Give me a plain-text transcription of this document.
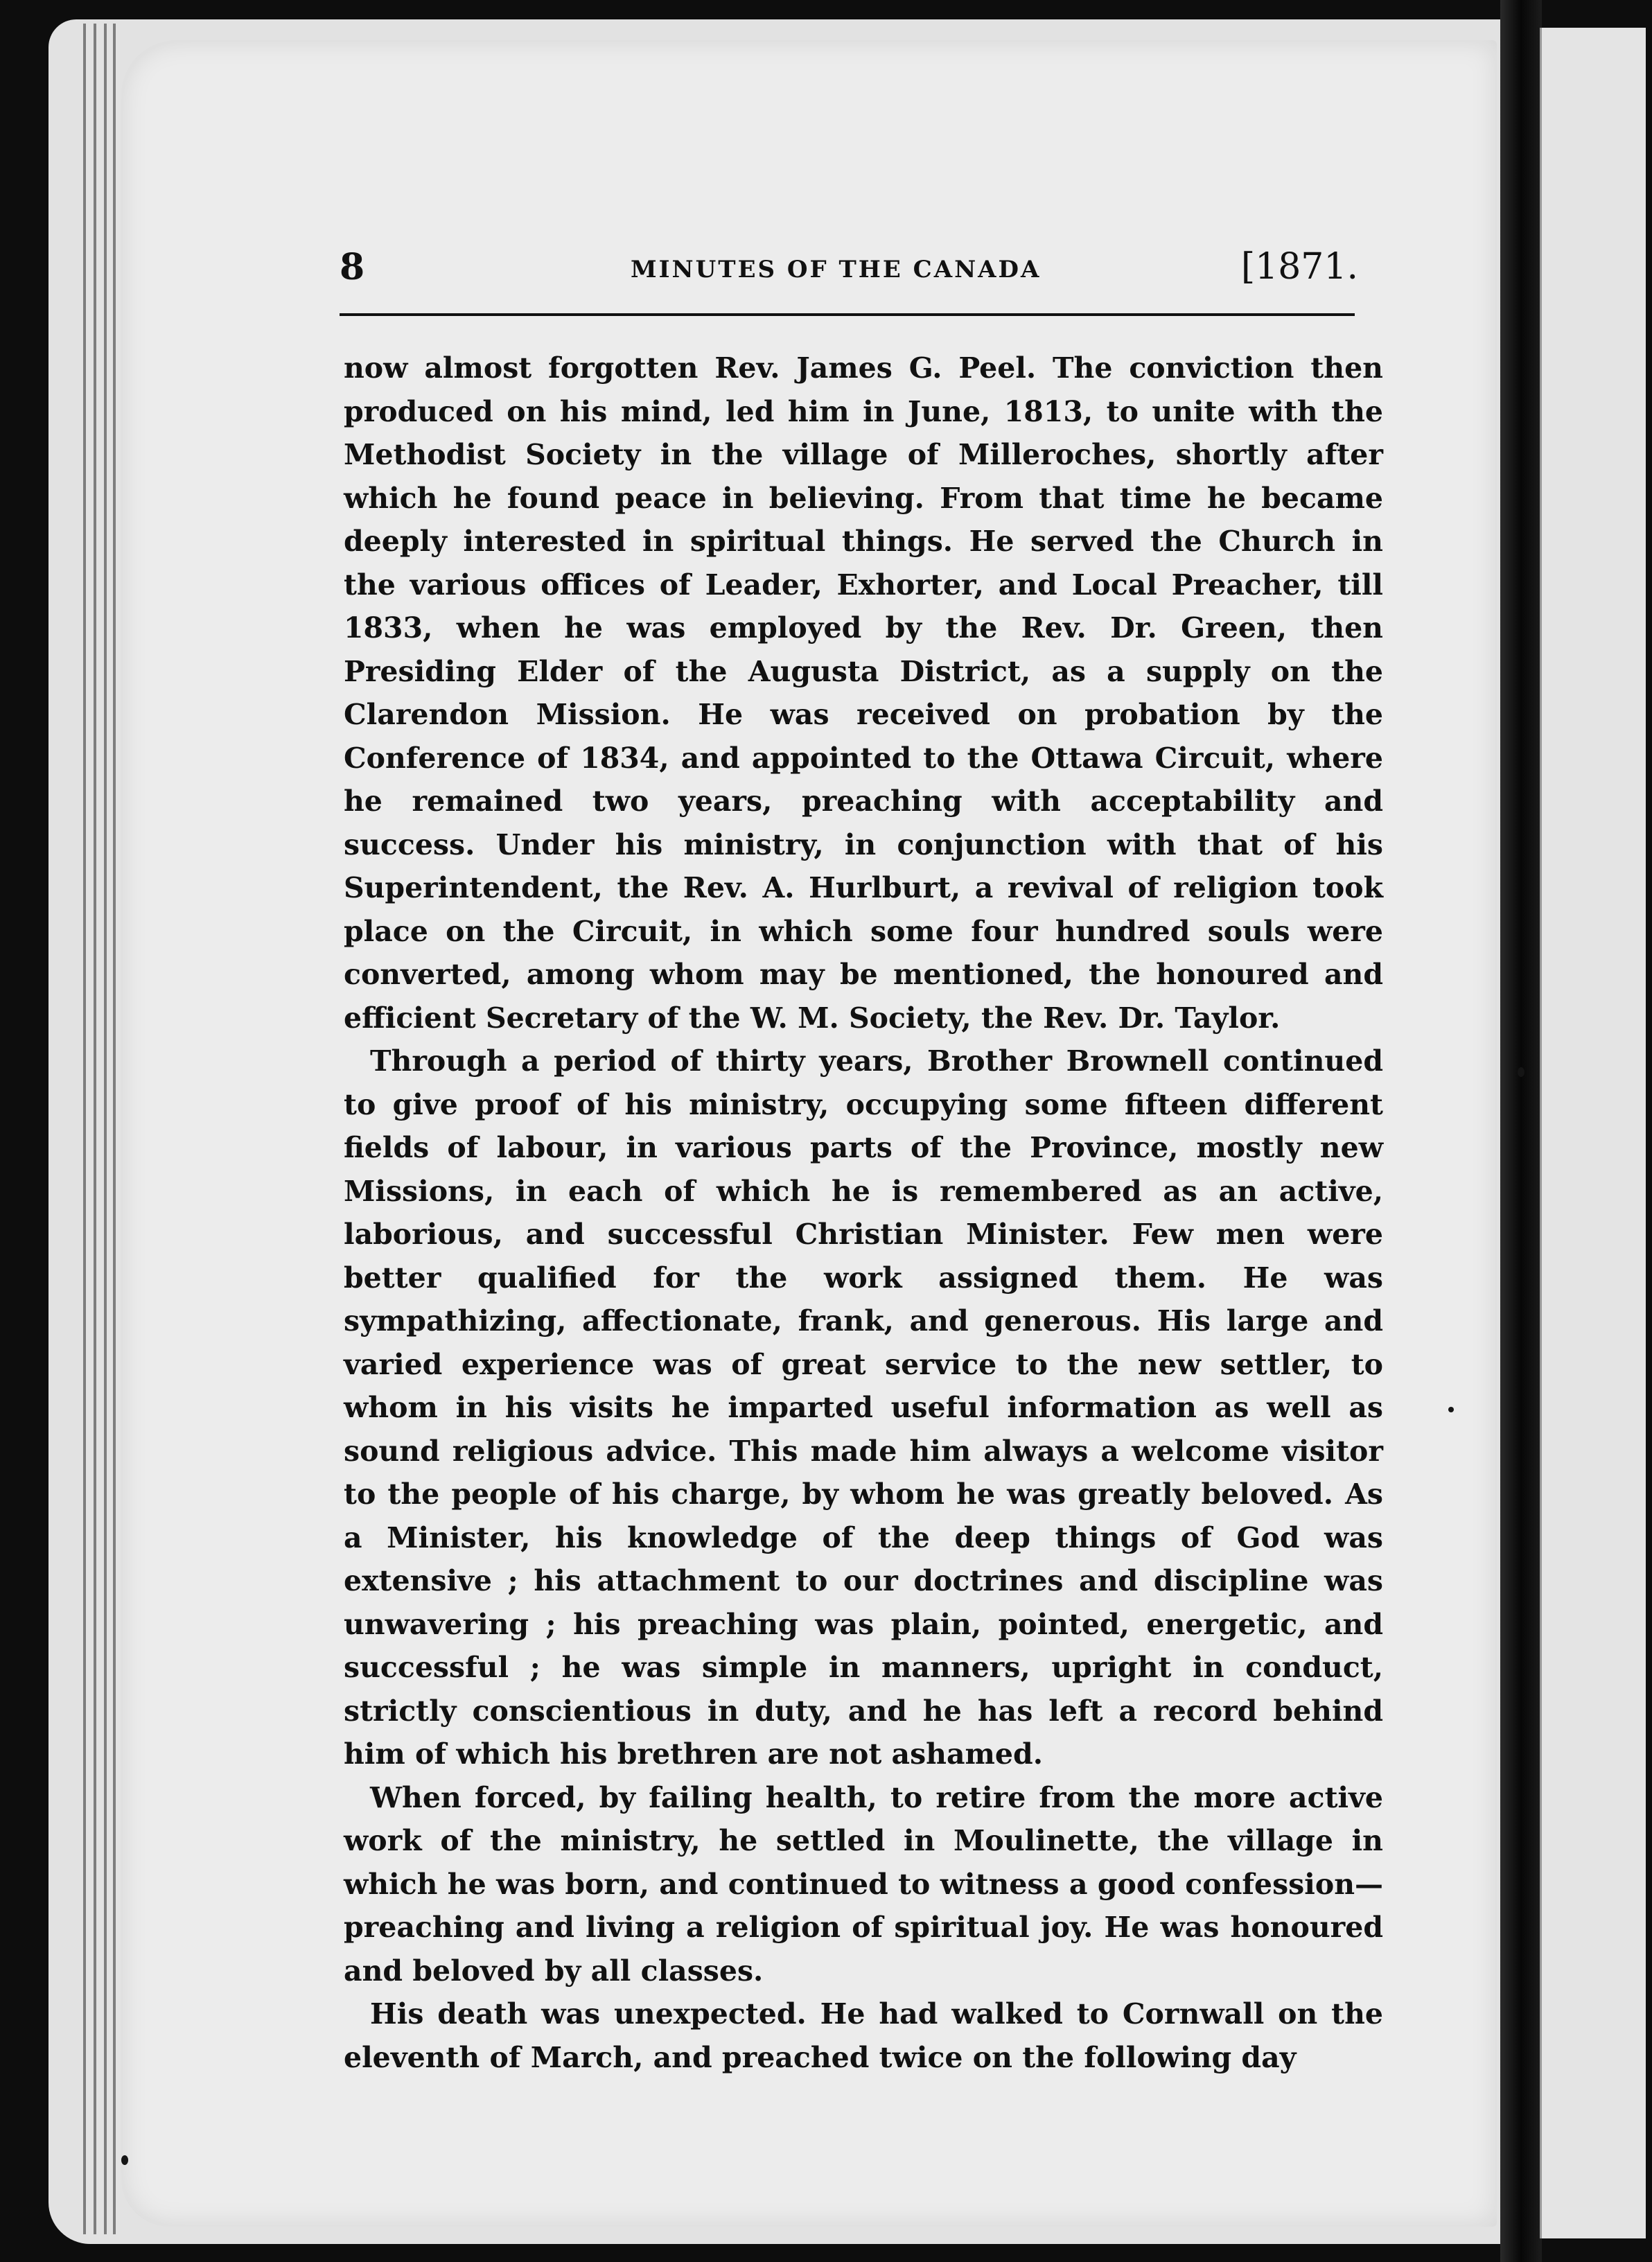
8	MINUTES OF THE CANADA	[1871.

now almost forgotten Rev. James G. Peel. The conviction then produced on his mind, led him in June, 1813, to unite with the Methodist Society in the village of Milleroches, shortly after which he found peace in believing. From that time he became deeply interested in spiritual things. He served the Church in the various offices of Leader, Exhorter, and Local Preacher, till 1833, when he was employed by the Rev. Dr. Green, then Presiding Elder of the Augusta District, as a supply on the Clarendon Mission. He was received on probation by the Conference of 1834, and appointed to the Ottawa Circuit, where he remained two years, preaching with acceptability and success. Under his ministry, in conjunction with that of his Superintendent, the Rev. A. Hurlburt, a revival of religion took place on the Circuit, in which some four hundred souls were converted, among whom may be mentioned, the honoured and efficient Secretary of the W. M. Society, the Rev. Dr. Taylor.

Through a period of thirty years, Brother Brownell continued to give proof of his ministry, occupying some fifteen different fields of labour, in various parts of the Province, mostly new Missions, in each of which he is remembered as an active, laborious, and successful Christian Minister. Few men were better qualified for the work assigned them. He was sympathizing, affectionate, frank, and generous. His large and varied experience was of great service to the new settler, to whom in his visits he imparted useful information as well as sound religious advice. This made him always a welcome visitor to the people of his charge, by whom he was greatly beloved. As a Minister, his knowledge of the deep things of God was extensive ; his attachment to our doctrines and discipline was unwavering ; his preaching was plain, pointed, energetic, and successful ; he was simple in manners, upright in conduct, strictly conscientious in duty, and he has left a record behind him of which his brethren are not ashamed.

When forced, by failing health, to retire from the more active work of the ministry, he settled in Moulinette, the village in which he was born, and continued to witness a good confession—preaching and living a religion of spiritual joy. He was honoured and beloved by all classes.

His death was unexpected. He had walked to Cornwall on the eleventh of March, and preached twice on the following day
